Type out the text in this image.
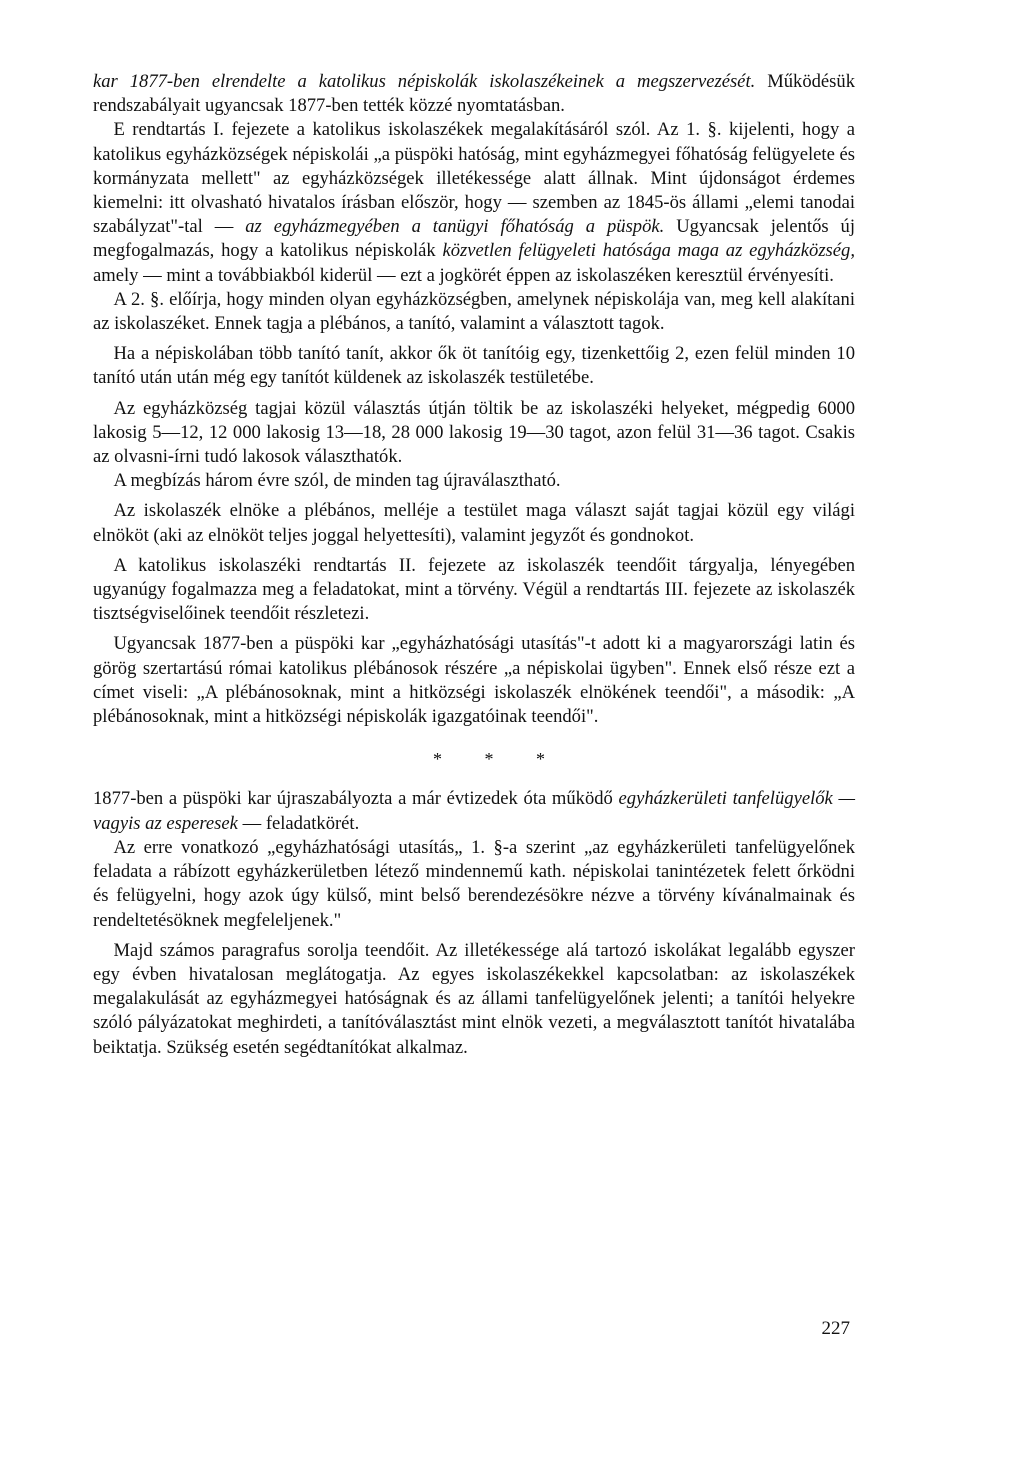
kar 1877-ben elrendelte a katolikus népiskolák iskolaszékeinek a megszervezését. Működésük rendszabályait ugyancsak 1877-ben tették közzé nyomtatásban.

E rendtartás I. fejezete a katolikus iskolaszékek megalakításáról szól. Az 1. §. kijelenti, hogy a katolikus egyházközségek népiskolái „a püspöki hatóság, mint egyházmegyei főhatóság felügyelete és kormányzata mellett" az egyházközségek illetékessége alatt állnak. Mint újdonságot érdemes kiemelni: itt olvasható hivatalos írásban először, hogy — szemben az 1845-ös állami „elemi tanodai szabályzat"-tal — az egyházmegyében a tanügyi főhatóság a püspök. Ugyancsak jelentős új megfogalmazás, hogy a katolikus népiskolák közvetlen felügyeleti hatósága maga az egyházközség, amely — mint a továbbiakból kiderül — ezt a jogkörét éppen az iskolaszéken keresztül érvényesíti.

A 2. §. előírja, hogy minden olyan egyházközségben, amelynek népiskolája van, meg kell alakítani az iskolaszéket. Ennek tagja a plébános, a tanító, valamint a választott tagok.

Ha a népiskolában több tanító tanít, akkor ők öt tanítóig egy, tizenkettőig 2, ezen felül minden 10 tanító után után még egy tanítót küldenek az iskolaszék testületébe.

Az egyházközség tagjai közül választás útján töltik be az iskolaszéki helyeket, mégpedig 6000 lakosig 5—12, 12 000 lakosig 13—18, 28 000 lakosig 19—30 tagot, azon felül 31—36 tagot. Csakis az olvasni-írni tudó lakosok választhatók.

A megbízás három évre szól, de minden tag újraválasztható.

Az iskolaszék elnöke a plébános, melléje a testület maga választ saját tagjai közül egy világi elnököt (aki az elnököt teljes joggal helyettesíti), valamint jegyzőt és gondnokot.

A katolikus iskolaszéki rendtartás II. fejezete az iskolaszék teendőit tárgyalja, lényegében ugyanúgy fogalmazza meg a feladatokat, mint a törvény. Végül a rendtartás III. fejezete az iskolaszék tisztségviselőinek teendőit részletezi.

Ugyancsak 1877-ben a püspöki kar „egyházhatósági utasítás"-t adott ki a magyarországi latin és görög szertartású római katolikus plébánosok részére „a népiskolai ügyben". Ennek első része ezt a címet viseli: „A plébánosoknak, mint a hitközségi iskolaszék elnökének teendői", a második: „A plébánosoknak, mint a hitközségi népiskolák igazgatóinak teendői".

* * *

1877-ben a püspöki kar újraszabályozta a már évtizedek óta működő egyházkerületi tanfelügyelők — vagyis az esperesek — feladatkörét.

Az erre vonatkozó „egyházhatósági utasítás„ 1. §-a szerint „az egyházkerületi tanfelügyelőnek feladata a rábízott egyházkerületben létező mindennemű kath. népiskolai tanintézetek felett őrködni és felügyelni, hogy azok úgy külső, mint belső berendezésökre nézve a törvény kívánalmainak és rendeltetésöknek megfeleljenek."

Majd számos paragrafus sorolja teendőit. Az illetékessége alá tartozó iskolákat legalább egyszer egy évben hivatalosan meglátogatja. Az egyes iskolaszékekkel kapcsolatban: az iskolaszékek megalakulását az egyházmegyei hatóságnak és az állami tanfelügyelőnek jelenti; a tanítói helyekre szóló pályázatokat meghirdeti, a tanítóválasztást mint elnök vezeti, a megválasztott tanítót hivatalába beiktatja. Szükség esetén segédtanítókat alkalmaz.

227
